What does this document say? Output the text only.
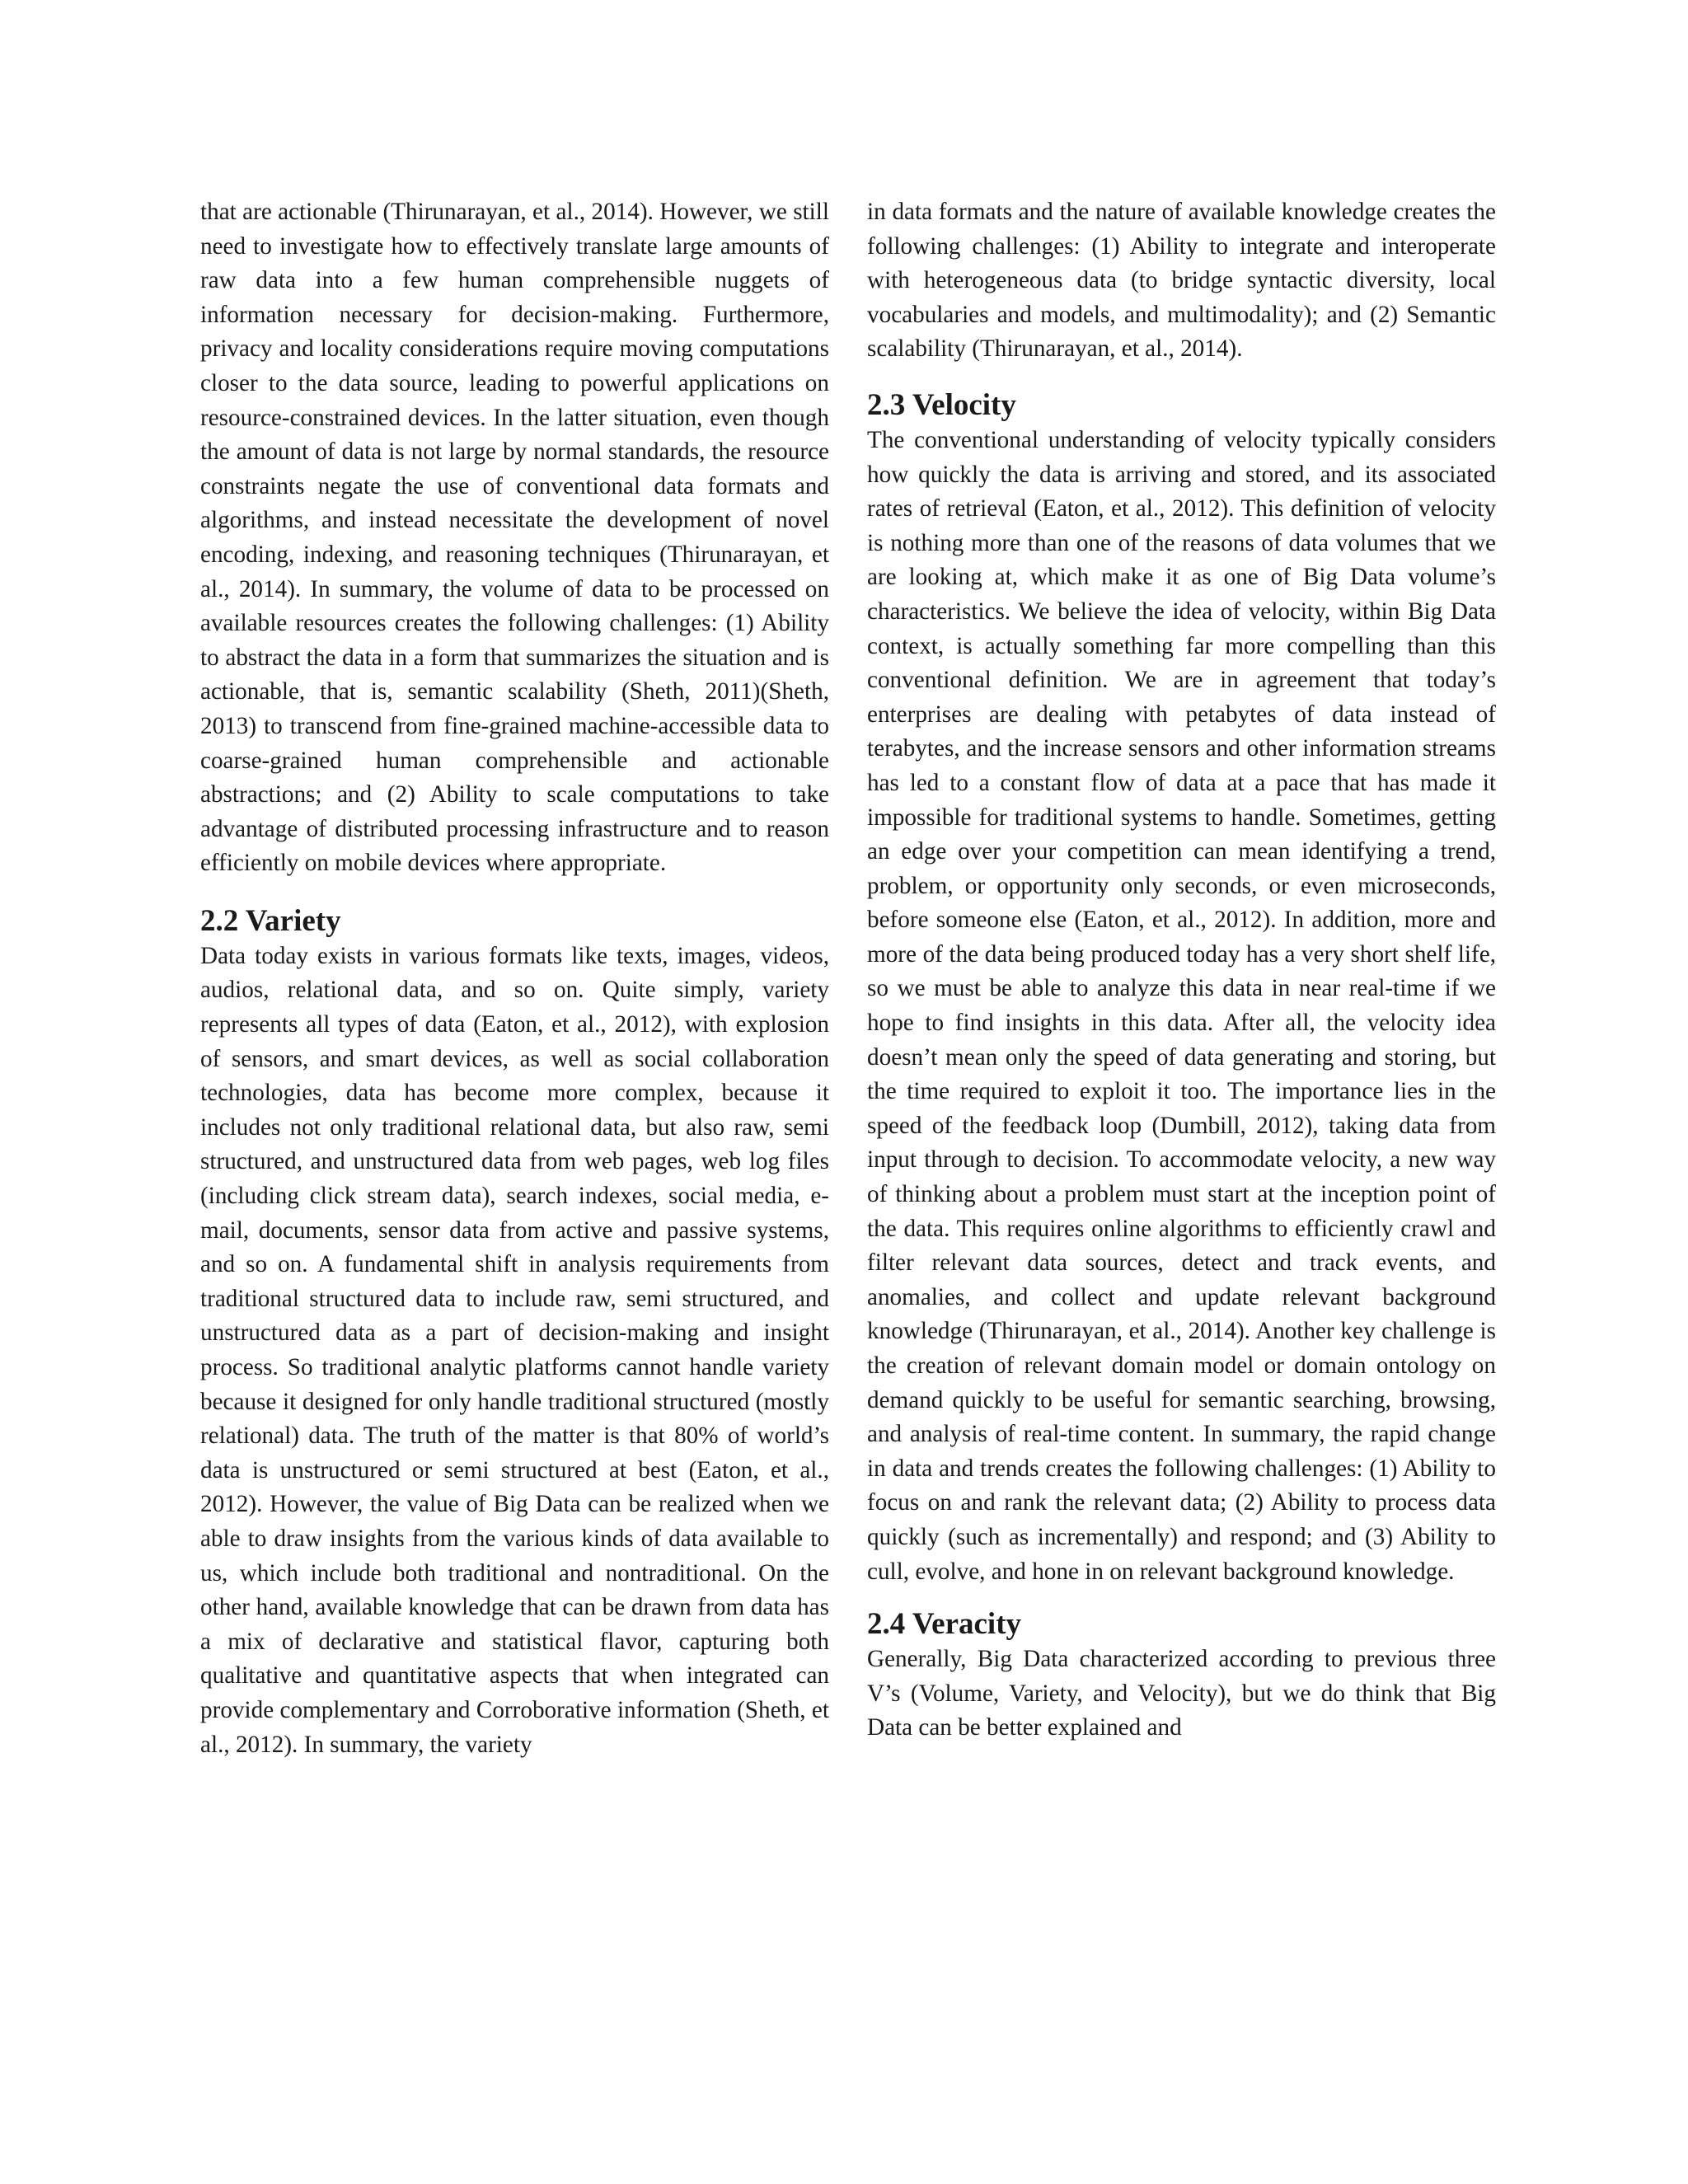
that are actionable (Thirunarayan, et al., 2014). However, we still need to investigate how to effectively translate large amounts of raw data into a few human comprehensible nuggets of information necessary for decision-making. Furthermore, privacy and locality considerations require moving computations closer to the data source, leading to powerful applications on resource-constrained devices. In the latter situation, even though the amount of data is not large by normal standards, the resource constraints negate the use of conventional data formats and algorithms, and instead necessitate the development of novel encoding, indexing, and reasoning techniques (Thirunarayan, et al., 2014). In summary, the volume of data to be processed on available resources creates the following challenges: (1) Ability to abstract the data in a form that summarizes the situation and is actionable, that is, semantic scalability (Sheth, 2011)(Sheth, 2013) to transcend from fine-grained machine-accessible data to coarse-grained human comprehensible and actionable abstractions; and (2) Ability to scale computations to take advantage of distributed processing infrastructure and to reason efficiently on mobile devices where appropriate.

2.2 Variety

Data today exists in various formats like texts, images, videos, audios, relational data, and so on. Quite simply, variety represents all types of data (Eaton, et al., 2012), with explosion of sensors, and smart devices, as well as social collaboration technologies, data has become more complex, because it includes not only traditional relational data, but also raw, semi structured, and unstructured data from web pages, web log files (including click stream data), search indexes, social media, e-mail, documents, sensor data from active and passive systems, and so on. A fundamental shift in analysis requirements from traditional structured data to include raw, semi structured, and unstructured data as a part of decision-making and insight process. So traditional analytic platforms cannot handle variety because it designed for only handle traditional structured (mostly relational) data. The truth of the matter is that 80% of world’s data is unstructured or semi structured at best (Eaton, et al., 2012). However, the value of Big Data can be realized when we able to draw insights from the various kinds of data available to us, which include both traditional and nontraditional. On the other hand, available knowledge that can be drawn from data has a mix of declarative and statistical flavor, capturing both qualitative and quantitative aspects that when integrated can provide complementary and Corroborative information (Sheth, et al., 2012). In summary, the variety

in data formats and the nature of available knowledge creates the following challenges: (1) Ability to integrate and interoperate with heterogeneous data (to bridge syntactic diversity, local vocabularies and models, and multimodality); and (2) Semantic scalability (Thirunarayan, et al., 2014).

2.3 Velocity

The conventional understanding of velocity typically considers how quickly the data is arriving and stored, and its associated rates of retrieval (Eaton, et al., 2012). This definition of velocity is nothing more than one of the reasons of data volumes that we are looking at, which make it as one of Big Data volume’s characteristics. We believe the idea of velocity, within Big Data context, is actually something far more compelling than this conventional definition. We are in agreement that today’s enterprises are dealing with petabytes of data instead of terabytes, and the increase sensors and other information streams has led to a constant flow of data at a pace that has made it impossible for traditional systems to handle. Sometimes, getting an edge over your competition can mean identifying a trend, problem, or opportunity only seconds, or even microseconds, before someone else (Eaton, et al., 2012). In addition, more and more of the data being produced today has a very short shelf life, so we must be able to analyze this data in near real-time if we hope to find insights in this data. After all, the velocity idea doesn’t mean only the speed of data generating and storing, but the time required to exploit it too. The importance lies in the speed of the feedback loop (Dumbill, 2012), taking data from input through to decision. To accommodate velocity, a new way of thinking about a problem must start at the inception point of the data. This requires online algorithms to efficiently crawl and filter relevant data sources, detect and track events, and anomalies, and collect and update relevant background knowledge (Thirunarayan, et al., 2014). Another key challenge is the creation of relevant domain model or domain ontology on demand quickly to be useful for semantic searching, browsing, and analysis of real-time content. In summary, the rapid change in data and trends creates the following challenges: (1) Ability to focus on and rank the relevant data; (2) Ability to process data quickly (such as incrementally) and respond; and (3) Ability to cull, evolve, and hone in on relevant background knowledge.

2.4 Veracity

Generally, Big Data characterized according to previous three V’s (Volume, Variety, and Velocity), but we do think that Big Data can be better explained and
